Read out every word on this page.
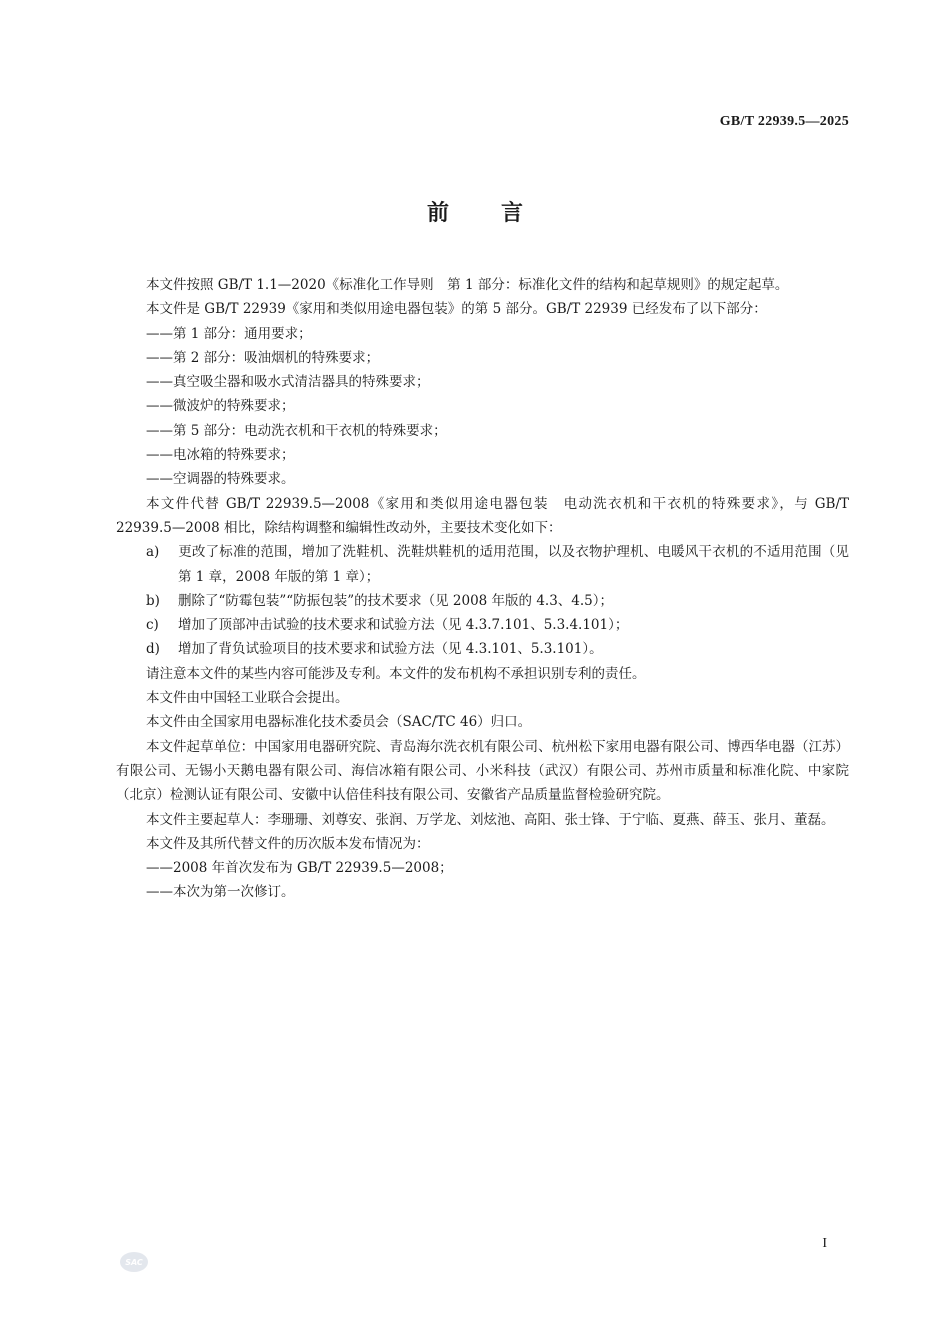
GB/T 22939.5—2025
前言

本文件按照 GB/T 1.1—2020《标准化工作导则　第 1 部分：标准化文件的结构和起草规则》的规定起草。

本文件是 GB/T 22939《家用和类似用途电器包装》的第 5 部分。GB/T 22939 已经发布了以下部分：

——第 1 部分：通用要求；

——第 2 部分：吸油烟机的特殊要求；

——真空吸尘器和吸水式清洁器具的特殊要求；

——微波炉的特殊要求；

——第 5 部分：电动洗衣机和干衣机的特殊要求；

——电冰箱的特殊要求；

——空调器的特殊要求。

本文件代替 GB/T 22939.5—2008《家用和类似用途电器包装　电动洗衣机和干衣机的特殊要求》，与 GB/T 22939.5—2008 相比，除结构调整和编辑性改动外，主要技术变化如下：

a) 更改了标准的范围，增加了洗鞋机、洗鞋烘鞋机的适用范围，以及衣物护理机、电暖风干衣机的不适用范围（见第 1 章，2008 年版的第 1 章）；

b) 删除了“防霉包装”“防振包装”的技术要求（见 2008 年版的 4.3、4.5）；

c) 增加了顶部冲击试验的技术要求和试验方法（见 4.3.7.101、5.3.4.101）；

d) 增加了背负试验项目的技术要求和试验方法（见 4.3.101、5.3.101）。

请注意本文件的某些内容可能涉及专利。本文件的发布机构不承担识别专利的责任。

本文件由中国轻工业联合会提出。

本文件由全国家用电器标准化技术委员会（SAC/TC 46）归口。

本文件起草单位：中国家用电器研究院、青岛海尔洗衣机有限公司、杭州松下家用电器有限公司、博西华电器（江苏）有限公司、无锡小天鹅电器有限公司、海信冰箱有限公司、小米科技（武汉）有限公司、苏州市质量和标准化院、中家院（北京）检测认证有限公司、安徽中认倍佳科技有限公司、安徽省产品质量监督检验研究院。

本文件主要起草人：李珊珊、刘尊安、张润、万学龙、刘炫池、高阳、张士锋、于宁临、夏燕、薛玉、张月、董磊。

本文件及其所代替文件的历次版本发布情况为：

——2008 年首次发布为 GB/T 22939.5—2008；

——本次为第一次修订。

I
SAC
